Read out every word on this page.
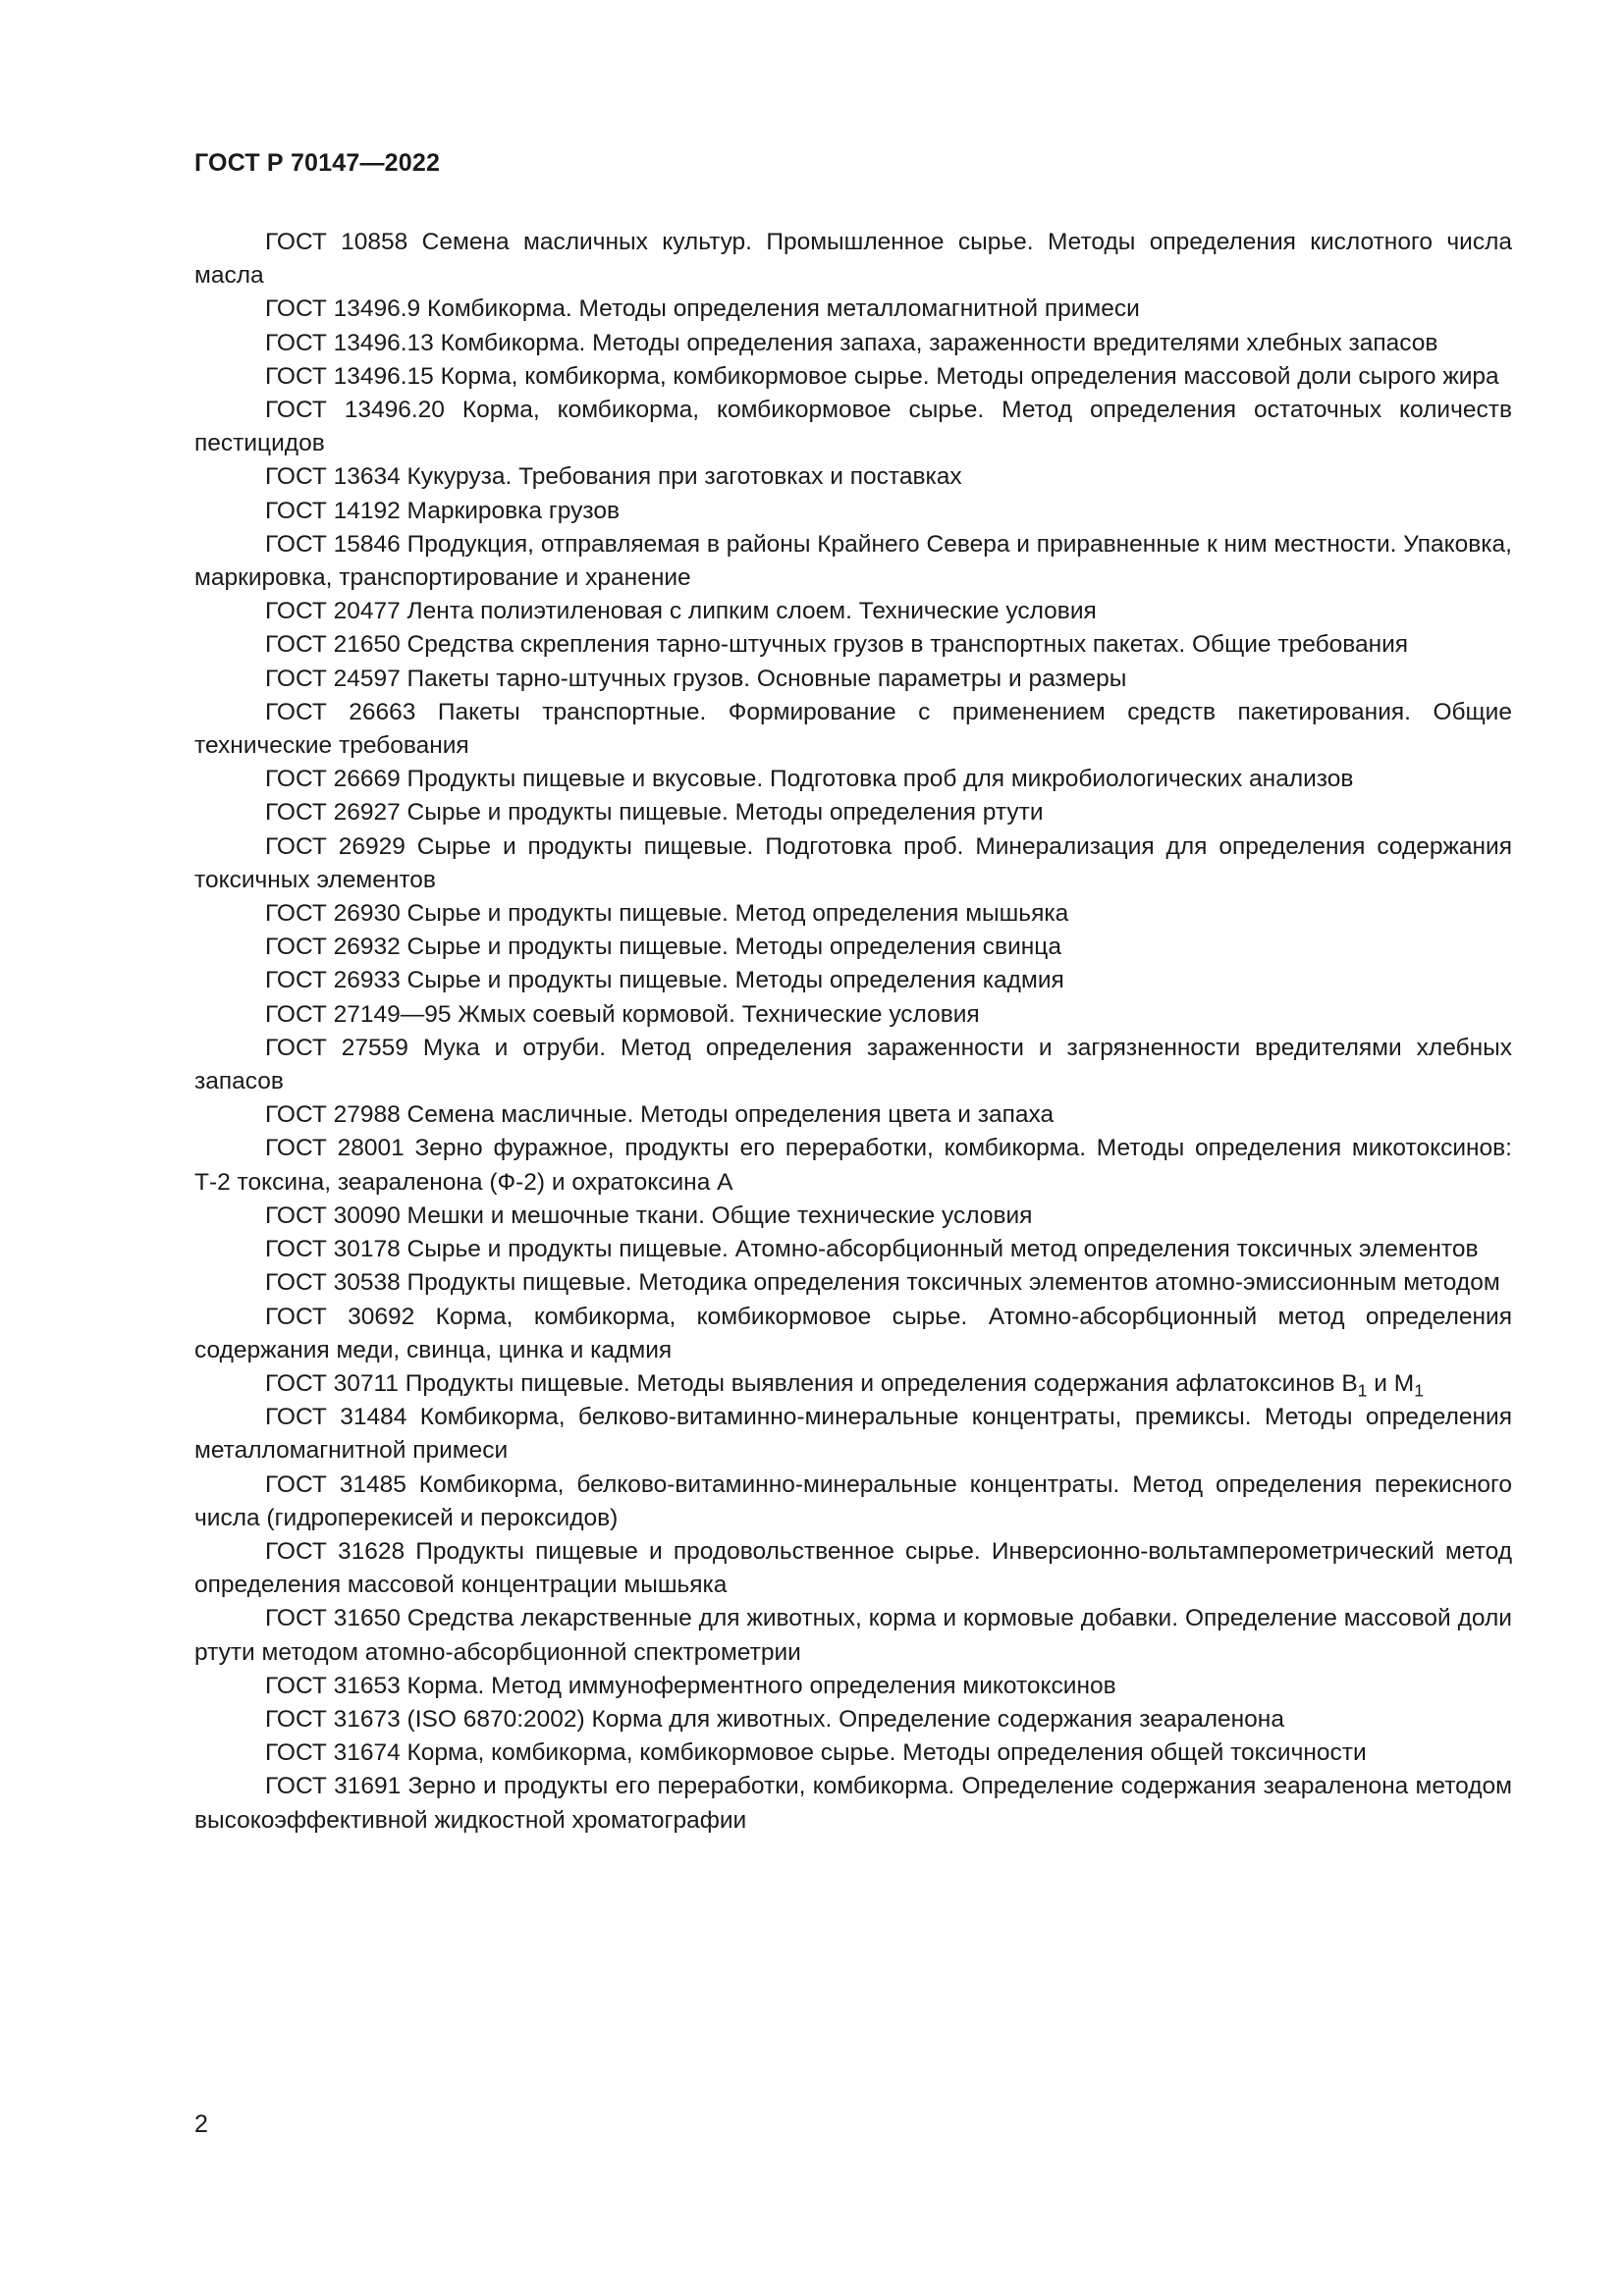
ГОСТ Р 70147—2022

ГОСТ 10858 Семена масличных культур. Промышленное сырье. Методы определения кислотного числа масла

ГОСТ 13496.9 Комбикорма. Методы определения металломагнитной примеси

ГОСТ 13496.13 Комбикорма. Методы определения запаха, зараженности вредителями хлебных запасов

ГОСТ 13496.15 Корма, комбикорма, комбикормовое сырье. Методы определения массовой доли сырого жира

ГОСТ 13496.20 Корма, комбикорма, комбикормовое сырье. Метод определения остаточных количеств пестицидов

ГОСТ 13634 Кукуруза. Требования при заготовках и поставках

ГОСТ 14192 Маркировка грузов

ГОСТ 15846 Продукция, отправляемая в районы Крайнего Севера и приравненные к ним местности. Упаковка, маркировка, транспортирование и хранение

ГОСТ 20477 Лента полиэтиленовая с липким слоем. Технические условия

ГОСТ 21650 Средства скрепления тарно-штучных грузов в транспортных пакетах. Общие требования

ГОСТ 24597 Пакеты тарно-штучных грузов. Основные параметры и размеры

ГОСТ 26663 Пакеты транспортные. Формирование с применением средств пакетирования. Общие технические требования

ГОСТ 26669 Продукты пищевые и вкусовые. Подготовка проб для микробиологических анализов

ГОСТ 26927 Сырье и продукты пищевые. Методы определения ртути

ГОСТ 26929 Сырье и продукты пищевые. Подготовка проб. Минерализация для определения содержания токсичных элементов

ГОСТ 26930 Сырье и продукты пищевые. Метод определения мышьяка

ГОСТ 26932 Сырье и продукты пищевые. Методы определения свинца

ГОСТ 26933 Сырье и продукты пищевые. Методы определения кадмия

ГОСТ 27149—95 Жмых соевый кормовой. Технические условия

ГОСТ 27559 Мука и отруби. Метод определения зараженности и загрязненности вредителями хлебных запасов

ГОСТ 27988 Семена масличные. Методы определения цвета и запаха

ГОСТ 28001 Зерно фуражное, продукты его переработки, комбикорма. Методы определения микотоксинов: Т-2 токсина, зеараленона (Ф-2) и охратоксина А

ГОСТ 30090 Мешки и мешочные ткани. Общие технические условия

ГОСТ 30178 Сырье и продукты пищевые. Атомно-абсорбционный метод определения токсичных элементов

ГОСТ 30538 Продукты пищевые. Методика определения токсичных элементов атомно-эмиссионным методом

ГОСТ 30692 Корма, комбикорма, комбикормовое сырье. Атомно-абсорбционный метод определения содержания меди, свинца, цинка и кадмия

ГОСТ 30711 Продукты пищевые. Методы выявления и определения содержания афлатоксинов $B_1$ и $M_1$

ГОСТ 31484 Комбикорма, белково-витаминно-минеральные концентраты, премиксы. Методы определения металломагнитной примеси

ГОСТ 31485 Комбикорма, белково-витаминно-минеральные концентраты. Метод определения перекисного числа (гидроперекисей и пероксидов)

ГОСТ 31628 Продукты пищевые и продовольственное сырье. Инверсионно-вольтамперометрический метод определения массовой концентрации мышьяка

ГОСТ 31650 Средства лекарственные для животных, корма и кормовые добавки. Определение массовой доли ртути методом атомно-абсорбционной спектрометрии

ГОСТ 31653 Корма. Метод иммуноферментного определения микотоксинов

ГОСТ 31673 (ISO 6870:2002) Корма для животных. Определение содержания зеараленона

ГОСТ 31674 Корма, комбикорма, комбикормовое сырье. Методы определения общей токсичности

ГОСТ 31691 Зерно и продукты его переработки, комбикорма. Определение содержания зеараленона методом высокоэффективной жидкостной хроматографии

2
